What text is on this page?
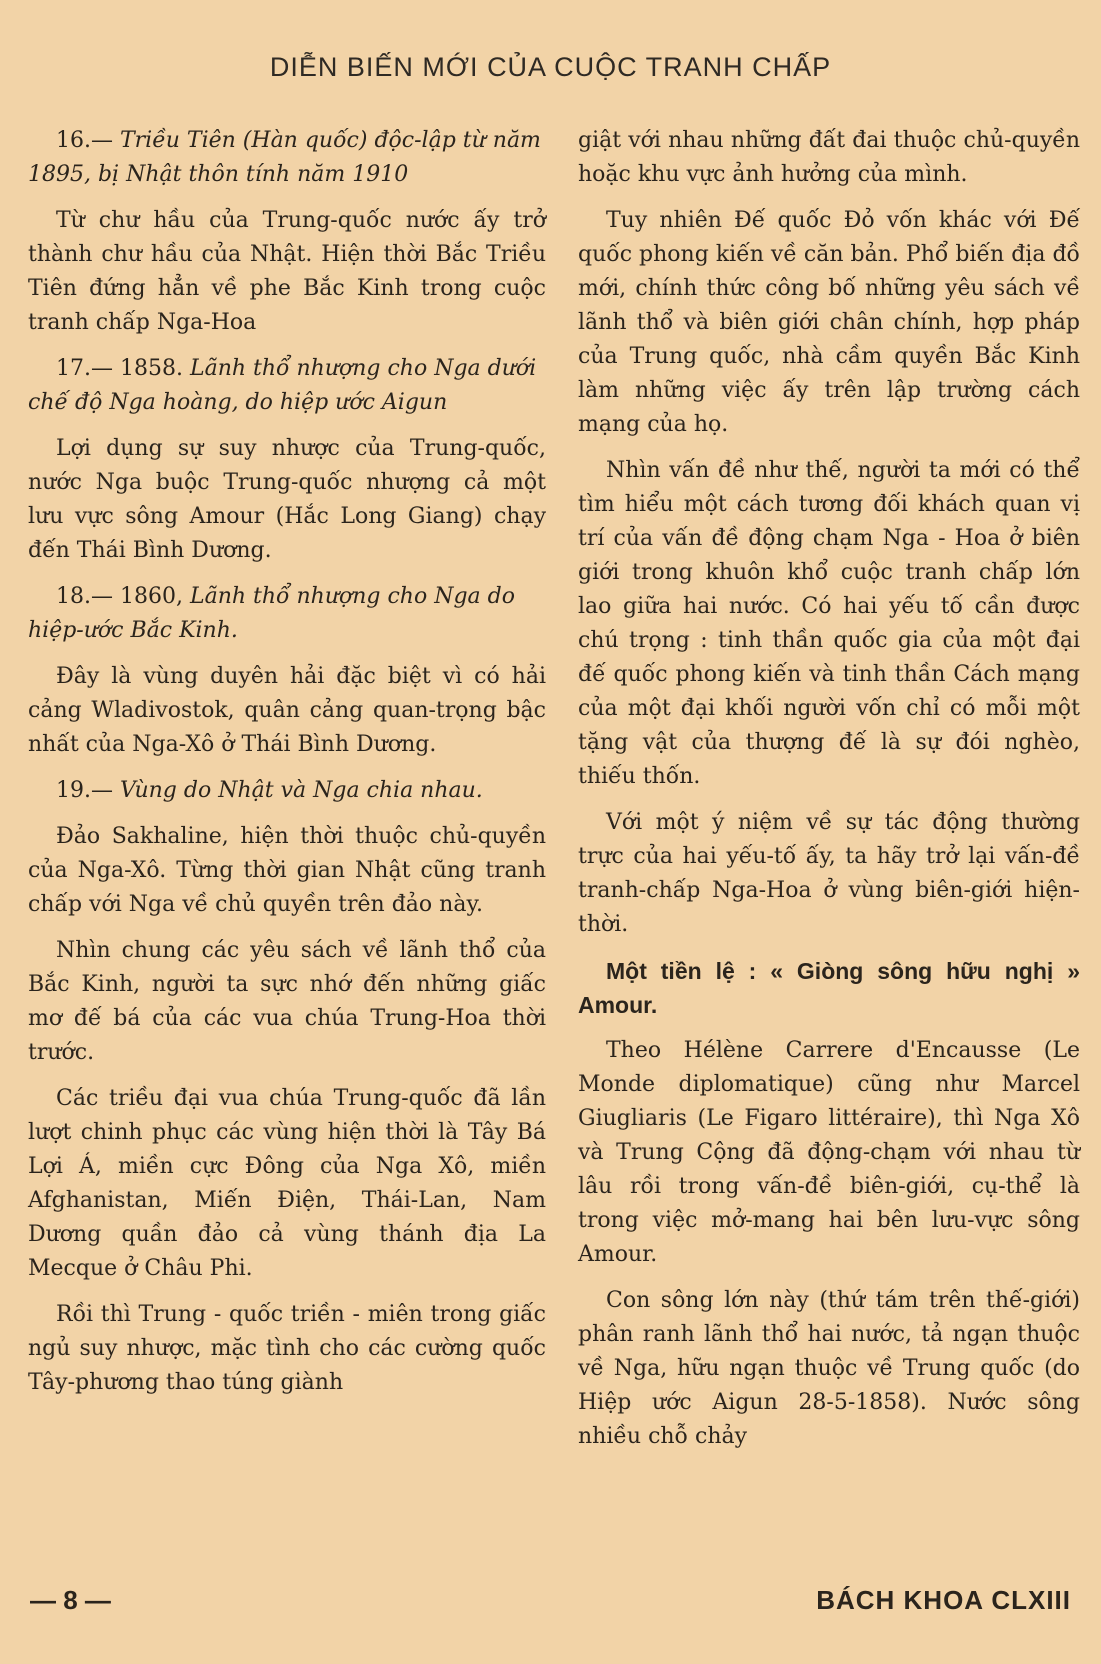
DIỄN BIẾN MỚI CỦA CUỘC TRANH CHẤP

16.— Triều Tiên (Hàn quốc) độc-lập từ năm 1895, bị Nhật thôn tính năm 1910

Từ chư hầu của Trung-quốc nước ấy trở thành chư hầu của Nhật. Hiện thời Bắc Triều Tiên đứng hẳn về phe Bắc Kinh trong cuộc tranh chấp Nga-Hoa

17.— 1858. Lãnh thổ nhượng cho Nga dưới chế độ Nga hoàng, do hiệp ước Aigun

Lợi dụng sự suy nhược của Trung-quốc, nước Nga buộc Trung-quốc nhượng cả một lưu vực sông Amour (Hắc Long Giang) chạy đến Thái Bình Dương.

18.— 1860, Lãnh thổ nhượng cho Nga do hiệp-ước Bắc Kinh.

Đây là vùng duyên hải đặc biệt vì có hải cảng Wladivostok, quân cảng quan-trọng bậc nhất của Nga-Xô ở Thái Bình Dương.

19.— Vùng do Nhật và Nga chia nhau.

Đảo Sakhaline, hiện thời thuộc chủ-quyền của Nga-Xô. Từng thời gian Nhật cũng tranh chấp với Nga về chủ quyền trên đảo này.

Nhìn chung các yêu sách về lãnh thổ của Bắc Kinh, người ta sực nhớ đến những giấc mơ đế bá của các vua chúa Trung-Hoa thời trước.

Các triều đại vua chúa Trung-quốc đã lần lượt chinh phục các vùng hiện thời là Tây Bá Lợi Á, miền cực Đông của Nga Xô, miền Afghanistan, Miến Điện, Thái-Lan, Nam Dương quần đảo cả vùng thánh địa La Mecque ở Châu Phi.

Rồi thì Trung - quốc triền - miên trong giấc ngủ suy nhược, mặc tình cho các cường quốc Tây-phương thao túng giành

giật với nhau những đất đai thuộc chủ-quyền hoặc khu vực ảnh hưởng của mình.

Tuy nhiên Đế quốc Đỏ vốn khác với Đế quốc phong kiến về căn bản. Phổ biến địa đồ mới, chính thức công bố những yêu sách về lãnh thổ và biên giới chân chính, hợp pháp của Trung quốc, nhà cầm quyền Bắc Kinh làm những việc ấy trên lập trường cách mạng của họ.

Nhìn vấn đề như thế, người ta mới có thể tìm hiểu một cách tương đối khách quan vị trí của vấn đề động chạm Nga - Hoa ở biên giới trong khuôn khổ cuộc tranh chấp lớn lao giữa hai nước. Có hai yếu tố cần được chú trọng : tinh thần quốc gia của một đại đế quốc phong kiến và tinh thần Cách mạng của một đại khối người vốn chỉ có mỗi một tặng vật của thượng đế là sự đói nghèo, thiếu thốn.

Với một ý niệm về sự tác động thường trực của hai yếu-tố ấy, ta hãy trở lại vấn-đề tranh-chấp Nga-Hoa ở vùng biên-giới hiện-thời.

Một tiền lệ : « Giòng sông hữu nghị » Amour.

Theo Hélène Carrere d'Encausse (Le Monde diplomatique) cũng như Marcel Giugliaris (Le Figaro littéraire), thì Nga Xô và Trung Cộng đã động-chạm với nhau từ lâu rồi trong vấn-đề biên-giới, cụ-thể là trong việc mở-mang hai bên lưu-vực sông Amour.

Con sông lớn này (thứ tám trên thế-giới) phân ranh lãnh thổ hai nước, tả ngạn thuộc về Nga, hữu ngạn thuộc về Trung quốc (do Hiệp ước Aigun 28-5-1858). Nước sông nhiều chỗ chảy

— 8 —	BÁCH KHOA CLXIII
